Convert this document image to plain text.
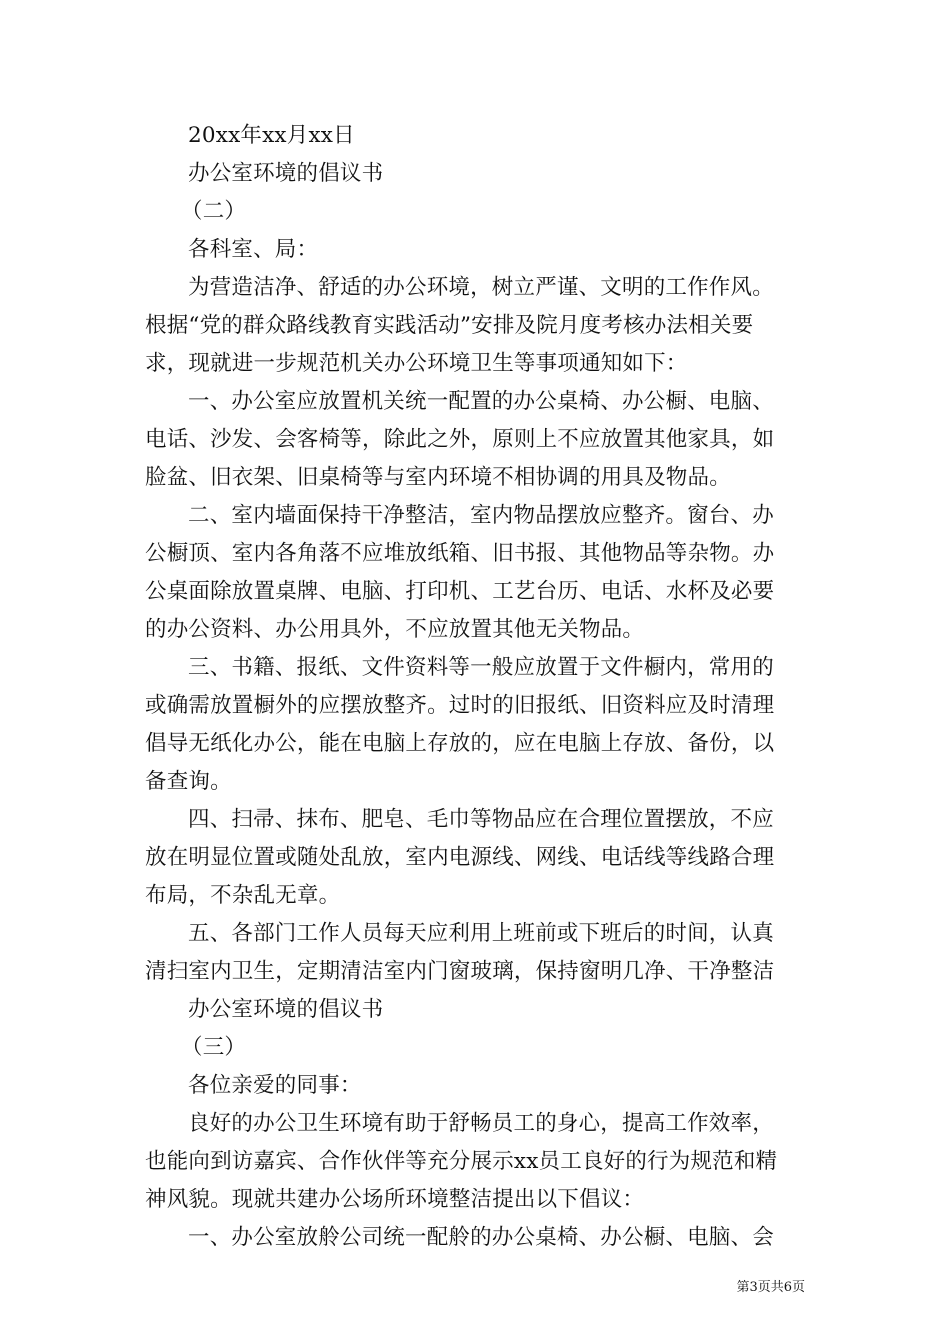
20xx年xx月xx日
办公室环境的倡议书
（二）
各科室、局：
为营造洁净、舒适的办公环境，树立严谨、文明的工作作风。
根据“党的群众路线教育实践活动”安排及院月度考核办法相关要
求，现就进一步规范机关办公环境卫生等事项通知如下：
一、办公室应放置机关统一配置的办公桌椅、办公橱、电脑、
电话、沙发、会客椅等，除此之外，原则上不应放置其他家具，如
脸盆、旧衣架、旧桌椅等与室内环境不相协调的用具及物品。
二、室内墙面保持干净整洁，室内物品摆放应整齐。窗台、办
公橱顶、室内各角落不应堆放纸箱、旧书报、其他物品等杂物。办
公桌面除放置桌牌、电脑、打印机、工艺台历、电话、水杯及必要
的办公资料、办公用具外，不应放置其他无关物品。
三、书籍、报纸、文件资料等一般应放置于文件橱内，常用的
或确需放置橱外的应摆放整齐。过时的旧报纸、旧资料应及时清理
倡导无纸化办公，能在电脑上存放的，应在电脑上存放、备份，以
备查询。
四、扫帚、抹布、肥皂、毛巾等物品应在合理位置摆放，不应
放在明显位置或随处乱放，室内电源线、网线、电话线等线路合理
布局，不杂乱无章。
五、各部门工作人员每天应利用上班前或下班后的时间，认真
清扫室内卫生，定期清洁室内门窗玻璃，保持窗明几净、干净整洁
办公室环境的倡议书
（三）
各位亲爱的同事：
良好的办公卫生环境有助于舒畅员工的身心，提高工作效率，
也能向到访嘉宾、合作伙伴等充分展示xx员工良好的行为规范和精
神风貌。现就共建办公场所环境整洁提出以下倡议：
一、办公室放舲公司统一配舲的办公桌椅、办公橱、电脑、会
第3页共6页
